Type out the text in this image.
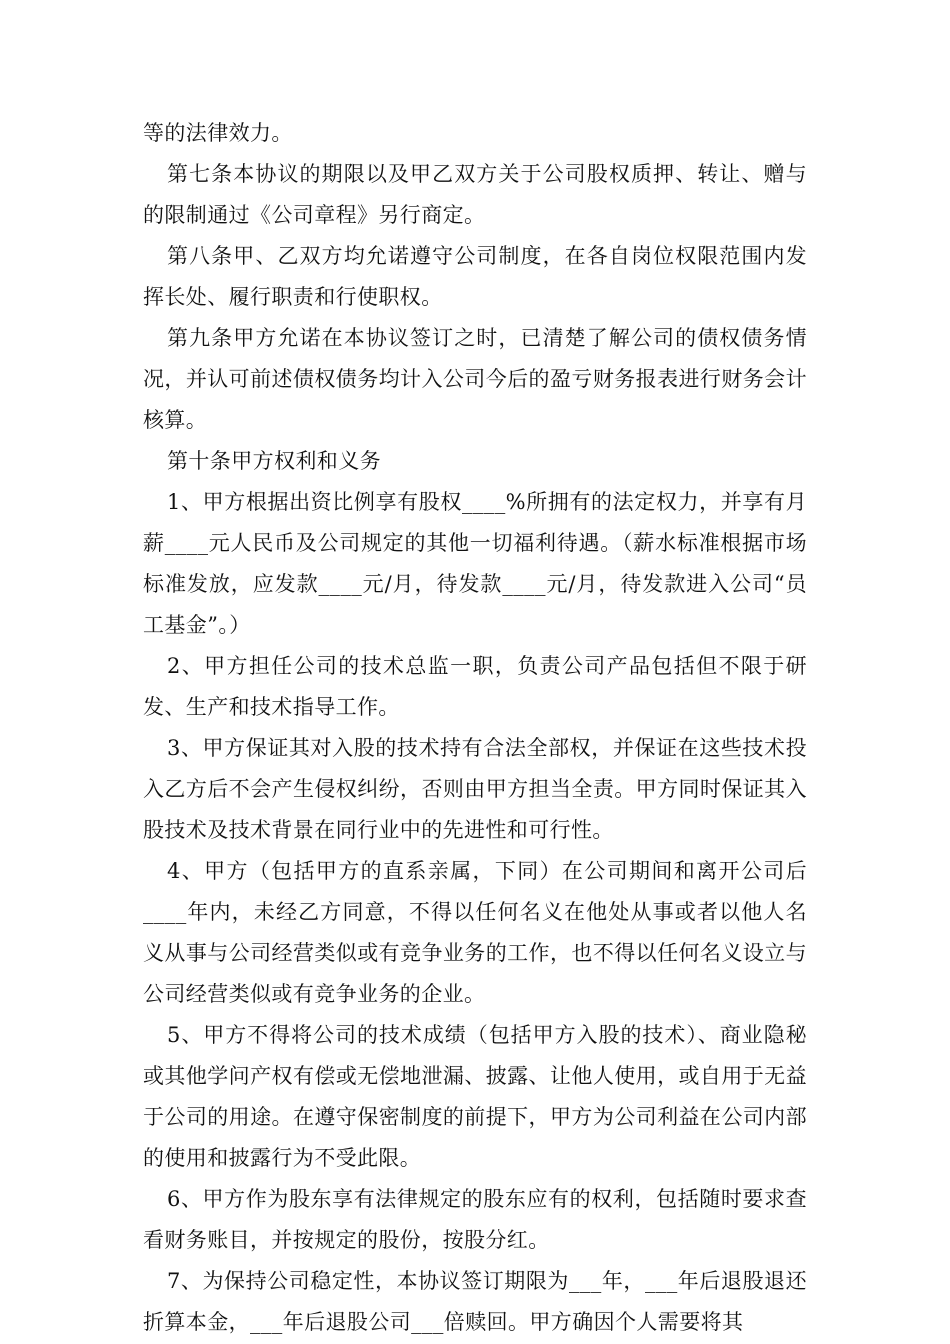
等的法律效力。

第七条本协议的期限以及甲乙双方关于公司股权质押、转让、赠与的限制通过《公司章程》另行商定。

第八条甲、乙双方均允诺遵守公司制度，在各自岗位权限范围内发挥长处、履行职责和行使职权。

第九条甲方允诺在本协议签订之时，已清楚了解公司的债权债务情况，并认可前述债权债务均计入公司今后的盈亏财务报表进行财务会计核算。

第十条甲方权利和义务

1、甲方根据出资比例享有股权____%所拥有的法定权力，并享有月薪____元人民币及公司规定的其他一切福利待遇。（薪水标准根据市场标准发放，应发款____元/月，待发款____元/月，待发款进入公司“员工基金”。）

2、甲方担任公司的技术总监一职，负责公司产品包括但不限于研发、生产和技术指导工作。

3、甲方保证其对入股的技术持有合法全部权，并保证在这些技术投入乙方后不会产生侵权纠纷，否则由甲方担当全责。甲方同时保证其入股技术及技术背景在同行业中的先进性和可行性。

4、甲方（包括甲方的直系亲属，下同）在公司期间和离开公司后____年内，未经乙方同意，不得以任何名义在他处从事或者以他人名义从事与公司经营类似或有竞争业务的工作，也不得以任何名义设立与公司经营类似或有竞争业务的企业。

5、甲方不得将公司的技术成绩（包括甲方入股的技术）、商业隐秘或其他学问产权有偿或无偿地泄漏、披露、让他人使用，或自用于无益于公司的用途。在遵守保密制度的前提下，甲方为公司利益在公司内部的使用和披露行为不受此限。

6、甲方作为股东享有法律规定的股东应有的权利，包括随时要求查看财务账目，并按规定的股份，按股分红。

7、为保持公司稳定性，本协议签订期限为___年，___年后退股退还折算本金，___年后退股公司___倍赎回。甲方确因个人需要将其
